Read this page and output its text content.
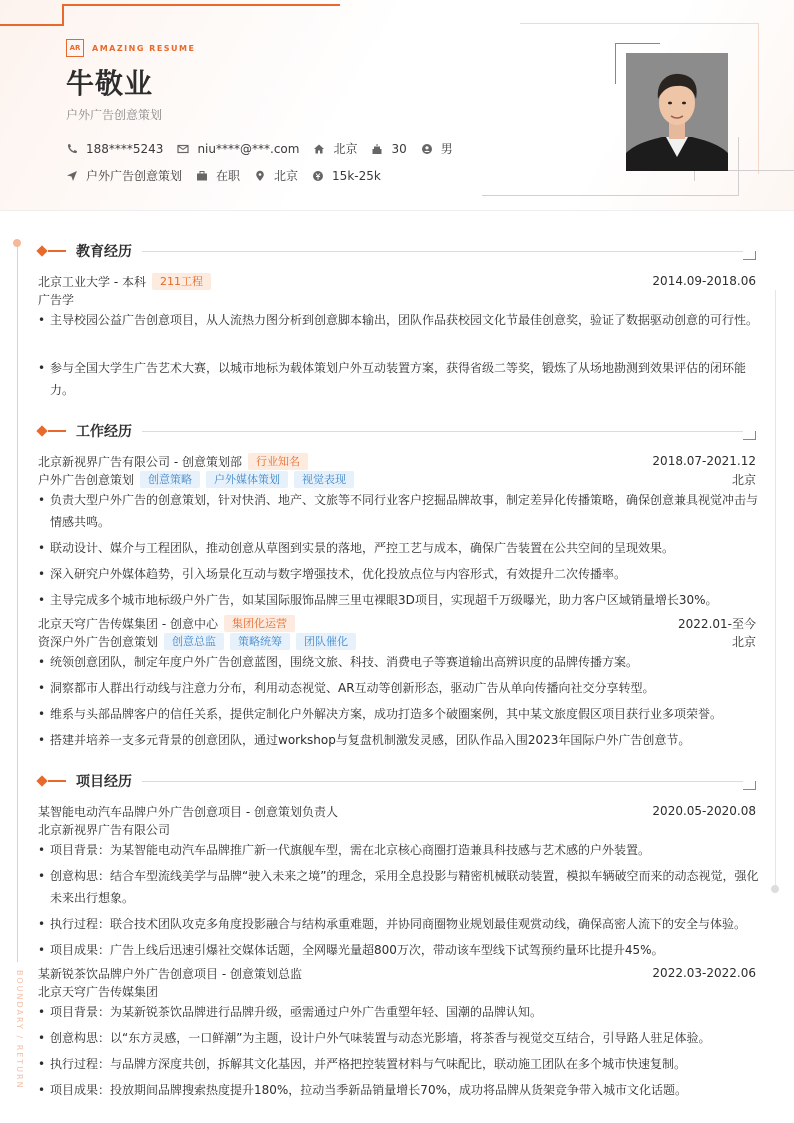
AR	AMAZING RESUME
牛敬业
户外广告创意策划
188****5243	niu****@***.com	北京	30	男
户外广告创意策划	在职	北京	15k-25k
BOUNDARY / RETURN
教育经历
北京工业大学 - 本科	211工程	2014.09-2018.06
广告学
• 主导校园公益广告创意项目，从人流热力图分析到创意脚本输出，团队作品获校园文化节最佳创意奖，验证了数据驱动创意的可行性。
• 参与全国大学生广告艺术大赛，以城市地标为载体策划户外互动装置方案，获得省级二等奖，锻炼了从场地勘测到效果评估的闭环能力。
工作经历
北京新视界广告有限公司 - 创意策划部	行业知名	2018.07-2021.12
户外广告创意策划	创意策略	户外媒体策划	视觉表现	北京
• 负责大型户外广告的创意策划，针对快消、地产、文旅等不同行业客户挖掘品牌故事，制定差异化传播策略，确保创意兼具视觉冲击与情感共鸣。
• 联动设计、媒介与工程团队，推动创意从草图到实景的落地，严控工艺与成本，确保广告装置在公共空间的呈现效果。
• 深入研究户外媒体趋势，引入场景化互动与数字增强技术，优化投放点位与内容形式，有效提升二次传播率。
• 主导完成多个城市地标级户外广告，如某国际服饰品牌三里屯裸眼3D项目，实现超千万级曝光，助力客户区域销量增长30%。
北京天穹广告传媒集团 - 创意中心	集团化运营	2022.01-至今
资深户外广告创意策划	创意总监	策略统筹	团队催化	北京
• 统领创意团队，制定年度户外广告创意蓝图，围绕文旅、科技、消费电子等赛道输出高辨识度的品牌传播方案。
• 洞察都市人群出行动线与注意力分布，利用动态视觉、AR互动等创新形态，驱动广告从单向传播向社交分享转型。
• 维系与头部品牌客户的信任关系，提供定制化户外解决方案，成功打造多个破圈案例，其中某文旅度假区项目获行业多项荣誉。
• 搭建并培养一支多元背景的创意团队，通过workshop与复盘机制激发灵感，团队作品入围2023年国际户外广告创意节。
项目经历
某智能电动汽车品牌户外广告创意项目 - 创意策划负责人	2020.05-2020.08
北京新视界广告有限公司
• 项目背景：为某智能电动汽车品牌推广新一代旗舰车型，需在北京核心商圈打造兼具科技感与艺术感的户外装置。
• 创意构思：结合车型流线美学与品牌“驶入未来之境”的理念，采用全息投影与精密机械联动装置，模拟车辆破空而来的动态视觉，强化未来出行想象。
• 执行过程：联合技术团队攻克多角度投影融合与结构承重难题，并协同商圈物业规划最佳观赏动线，确保高密人流下的安全与体验。
• 项目成果：广告上线后迅速引爆社交媒体话题，全网曝光量超800万次，带动该车型线下试驾预约量环比提升45%。
某新锐茶饮品牌户外广告创意项目 - 创意策划总监	2022.03-2022.06
北京天穹广告传媒集团
• 项目背景：为某新锐茶饮品牌进行品牌升级，亟需通过户外广告重塑年轻、国潮的品牌认知。
• 创意构思：以“东方灵感，一口鲜潮”为主题，设计户外气味装置与动态光影墙，将茶香与视觉交互结合，引导路人驻足体验。
• 执行过程：与品牌方深度共创，拆解其文化基因，并严格把控装置材料与气味配比，联动施工团队在多个城市快速复制。
• 项目成果：投放期间品牌搜索热度提升180%，拉动当季新品销量增长70%，成功将品牌从货架竞争带入城市文化话题。
